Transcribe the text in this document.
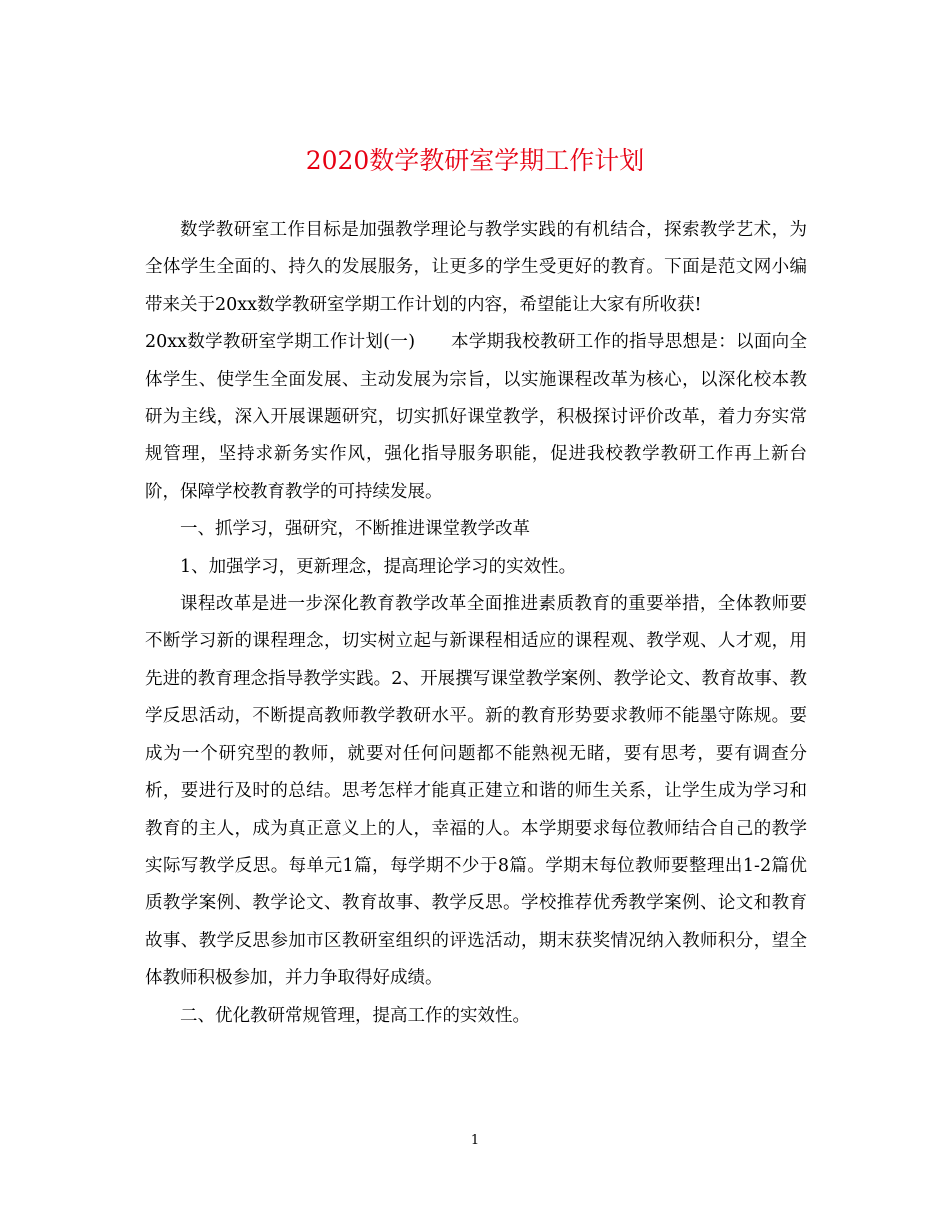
2020数学教研室学期工作计划

数学教研室工作目标是加强教学理论与教学实践的有机结合，探索教学艺术，为全体学生全面的、持久的发展服务，让更多的学生受更好的教育。下面是范文网小编带来关于20xx数学教研室学期工作计划的内容，希望能让大家有所收获!

20xx数学教研室学期工作计划(一)　　本学期我校教研工作的指导思想是：以面向全体学生、使学生全面发展、主动发展为宗旨，以实施课程改革为核心，以深化校本教研为主线，深入开展课题研究，切实抓好课堂教学，积极探讨评价改革，着力夯实常规管理，坚持求新务实作风，强化指导服务职能，促进我校教学教研工作再上新台阶，保障学校教育教学的可持续发展。

一、抓学习，强研究，不断推进课堂教学改革

1、加强学习，更新理念，提高理论学习的实效性。

课程改革是进一步深化教育教学改革全面推进素质教育的重要举措，全体教师要不断学习新的课程理念，切实树立起与新课程相适应的课程观、教学观、人才观，用先进的教育理念指导教学实践。2、开展撰写课堂教学案例、教学论文、教育故事、教学反思活动，不断提高教师教学教研水平。新的教育形势要求教师不能墨守陈规。要成为一个研究型的教师，就要对任何问题都不能熟视无睹，要有思考，要有调查分析，要进行及时的总结。思考怎样才能真正建立和谐的师生关系，让学生成为学习和教育的主人，成为真正意义上的人，幸福的人。本学期要求每位教师结合自己的教学实际写教学反思。每单元1篇，每学期不少于8篇。学期末每位教师要整理出1-2篇优质教学案例、教学论文、教育故事、教学反思。学校推荐优秀教学案例、论文和教育故事、教学反思参加市区教研室组织的评选活动，期末获奖情况纳入教师积分，望全体教师积极参加，并力争取得好成绩。

二、优化教研常规管理，提高工作的实效性。

1
